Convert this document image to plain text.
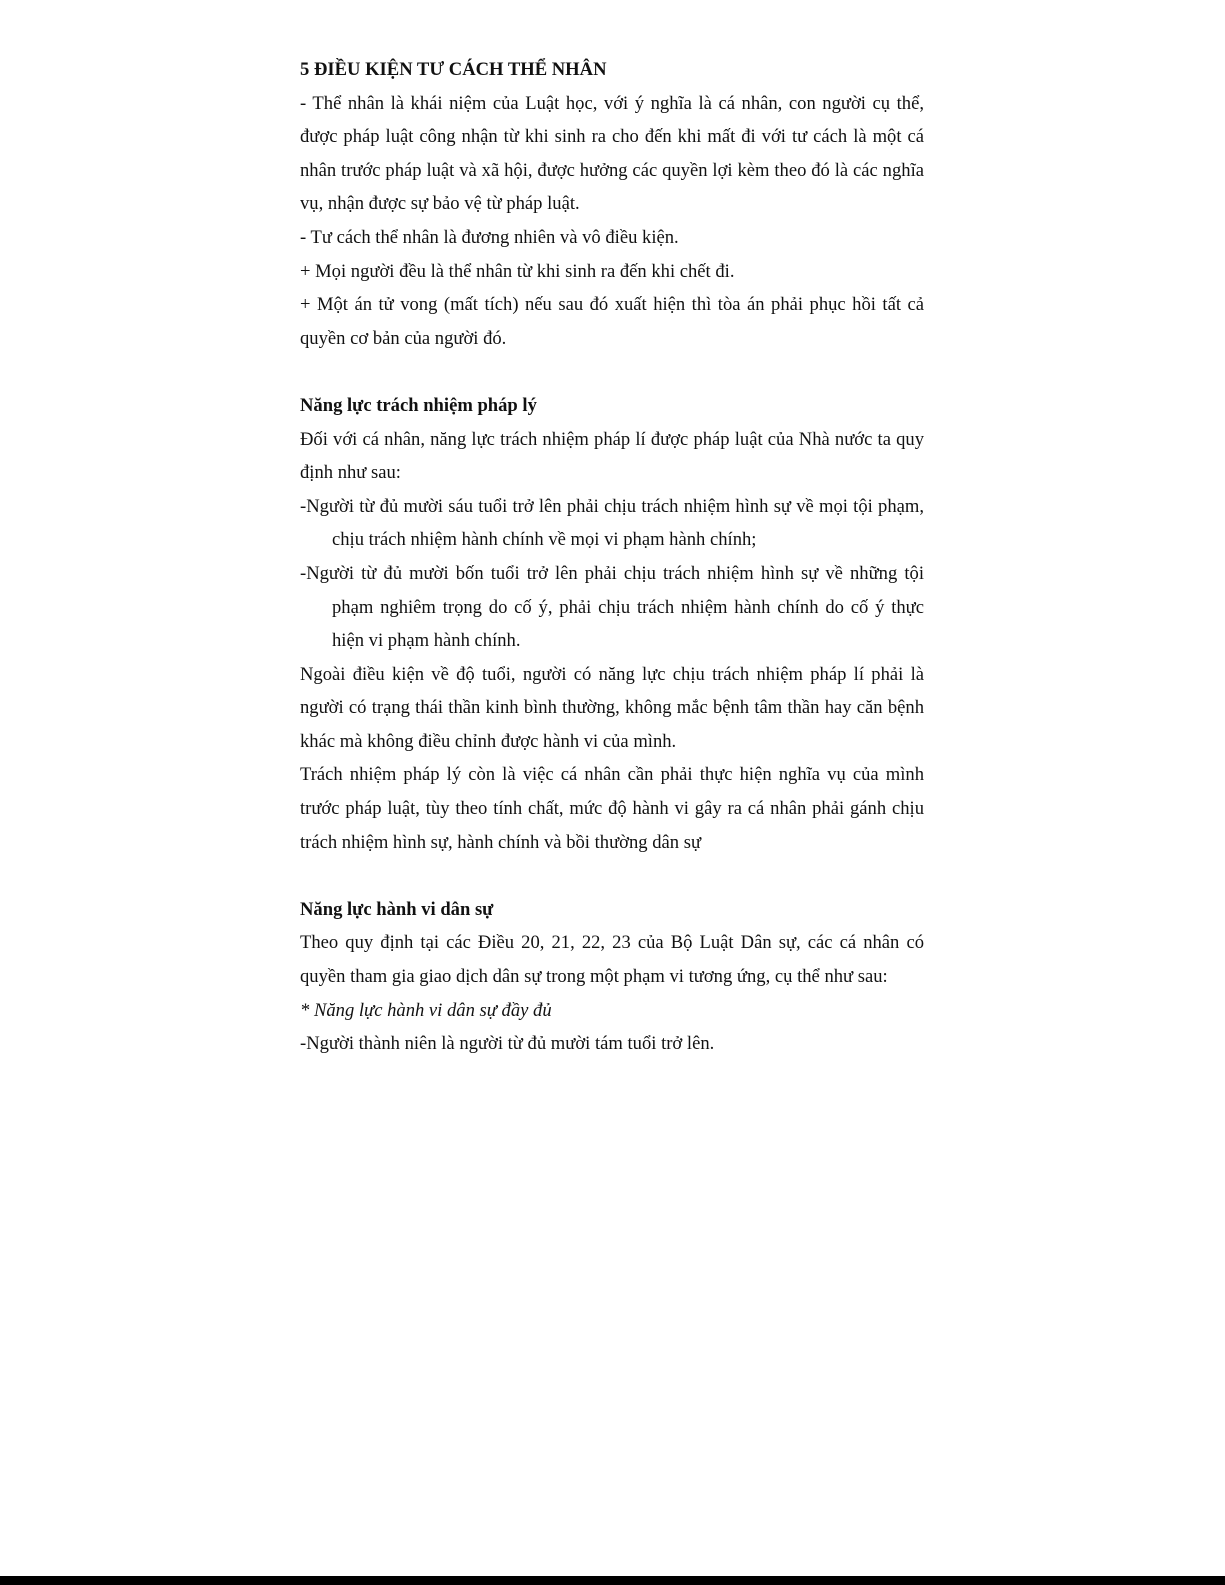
5 ĐIỀU KIỆN TƯ CÁCH THỂ NHÂN

- Thể nhân là khái niệm của Luật học, với ý nghĩa là cá nhân, con người cụ thể, được pháp luật công nhận từ khi sinh ra cho đến khi mất đi với tư cách là một cá nhân trước pháp luật và xã hội, được hưởng các quyền lợi kèm theo đó là các nghĩa vụ, nhận được sự bảo vệ từ pháp luật.

- Tư cách thể nhân là đương nhiên và vô điều kiện.

+ Mọi người đều là thể nhân từ khi sinh ra đến khi chết đi.

+ Một án tử vong (mất tích) nếu sau đó xuất hiện thì tòa án phải phục hồi tất cả quyền cơ bản của người đó.

Năng lực trách nhiệm pháp lý

Đối với cá nhân, năng lực trách nhiệm pháp lí được pháp luật của Nhà nước ta quy định như sau:

-Người từ đủ mười sáu tuổi trở lên phải chịu trách nhiệm hình sự về mọi tội phạm, chịu trách nhiệm hành chính về mọi vi phạm hành chính;

-Người từ đủ mười bốn tuổi trở lên phải chịu trách nhiệm hình sự về những tội phạm nghiêm trọng do cố ý, phải chịu trách nhiệm hành chính do cố ý thực hiện vi phạm hành chính.

Ngoài điều kiện về độ tuổi, người có năng lực chịu trách nhiệm pháp lí phải là người có trạng thái thần kinh bình thường, không mắc bệnh tâm thần hay căn bệnh khác mà không điều chỉnh được hành vi của mình.

Trách nhiệm pháp lý còn là việc cá nhân cần phải thực hiện nghĩa vụ của mình trước pháp luật, tùy theo tính chất, mức độ hành vi gây ra cá nhân phải gánh chịu trách nhiệm hình sự, hành chính và bồi thường dân sự

Năng lực hành vi dân sự

Theo quy định tại các Điều 20, 21, 22, 23 của Bộ Luật Dân sự, các cá nhân có quyền tham gia giao dịch dân sự trong một phạm vi tương ứng, cụ thể như sau:

* Năng lực hành vi dân sự đầy đủ

-Người thành niên là người từ đủ mười tám tuổi trở lên.
